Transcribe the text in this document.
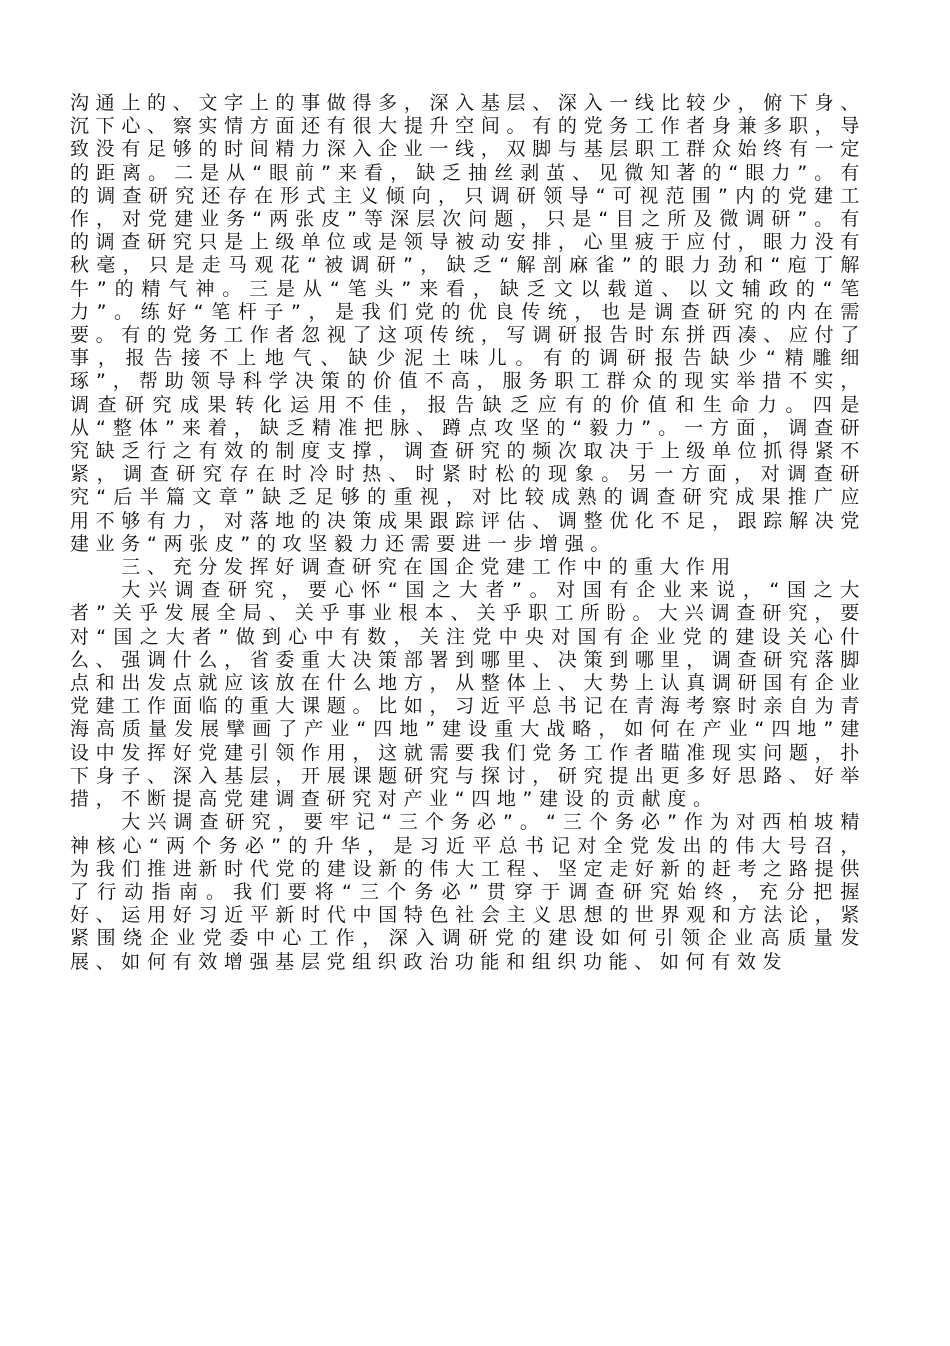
沟通上的、文字上的事做得多，深入基层、深入一线比较少，俯下身、沉下心、察实情方面还有很大提升空间。有的党务工作者身兼多职，导致没有足够的时间精力深入企业一线，双脚与基层职工群众始终有一定的距离。二是从“眼前”来看，缺乏抽丝剥茧、见微知著的“眼力”。有的调查研究还存在形式主义倾向，只调研领导“可视范围”内的党建工作，对党建业务“两张皮”等深层次问题，只是“目之所及微调研”。有的调查研究只是上级单位或是领导被动安排，心里疲于应付，眼力没有秋毫，只是走马观花“被调研”，缺乏“解剖麻雀”的眼力劲和“庖丁解牛”的精气神。三是从“笔头”来看，缺乏文以载道、以文辅政的“笔力”。练好“笔杆子”，是我们党的优良传统，也是调查研究的内在需要。有的党务工作者忽视了这项传统，写调研报告时东拼西凑、应付了事，报告接不上地气、缺少泥土味儿。有的调研报告缺少“精雕细琢”，帮助领导科学决策的价值不高，服务职工群众的现实举措不实，调查研究成果转化运用不佳，报告缺乏应有的价值和生命力。四是从“整体”来着，缺乏精准把脉、蹲点攻坚的“毅力”。一方面，调查研究缺乏行之有效的制度支撑，调查研究的频次取决于上级单位抓得紧不紧，调查研究存在时冷时热、时紧时松的现象。另一方面，对调查研究“后半篇文章”缺乏足够的重视，对比较成熟的调查研究成果推广应用不够有力，对落地的决策成果跟踪评估、调整优化不足，跟踪解决党建业务“两张皮”的攻坚毅力还需要进一步增强。

三、充分发挥好调查研究在国企党建工作中的重大作用

大兴调查研究，要心怀“国之大者”。对国有企业来说，“国之大者”关乎发展全局、关乎事业根本、关乎职工所盼。大兴调查研究，要对“国之大者”做到心中有数，关注党中央对国有企业党的建设关心什么、强调什么，省委重大决策部署到哪里、决策到哪里，调查研究落脚点和出发点就应该放在什么地方，从整体上、大势上认真调研国有企业党建工作面临的重大课题。比如，习近平总书记在青海考察时亲自为青海高质量发展擘画了产业“四地”建设重大战略，如何在产业“四地”建设中发挥好党建引领作用，这就需要我们党务工作者瞄准现实问题，扑下身子、深入基层，开展课题研究与探讨，研究提出更多好思路、好举措，不断提高党建调查研究对产业“四地”建设的贡献度。

大兴调查研究，要牢记“三个务必”。“三个务必”作为对西柏坡精神核心“两个务必”的升华，是习近平总书记对全党发出的伟大号召，为我们推进新时代党的建设新的伟大工程、坚定走好新的赶考之路提供了行动指南。我们要将“三个务必”贯穿于调查研究始终，充分把握好、运用好习近平新时代中国特色社会主义思想的世界观和方法论，紧紧围绕企业党委中心工作，深入调研党的建设如何引领企业高质量发展、如何有效增强基层党组织政治功能和组织功能、如何有效发
